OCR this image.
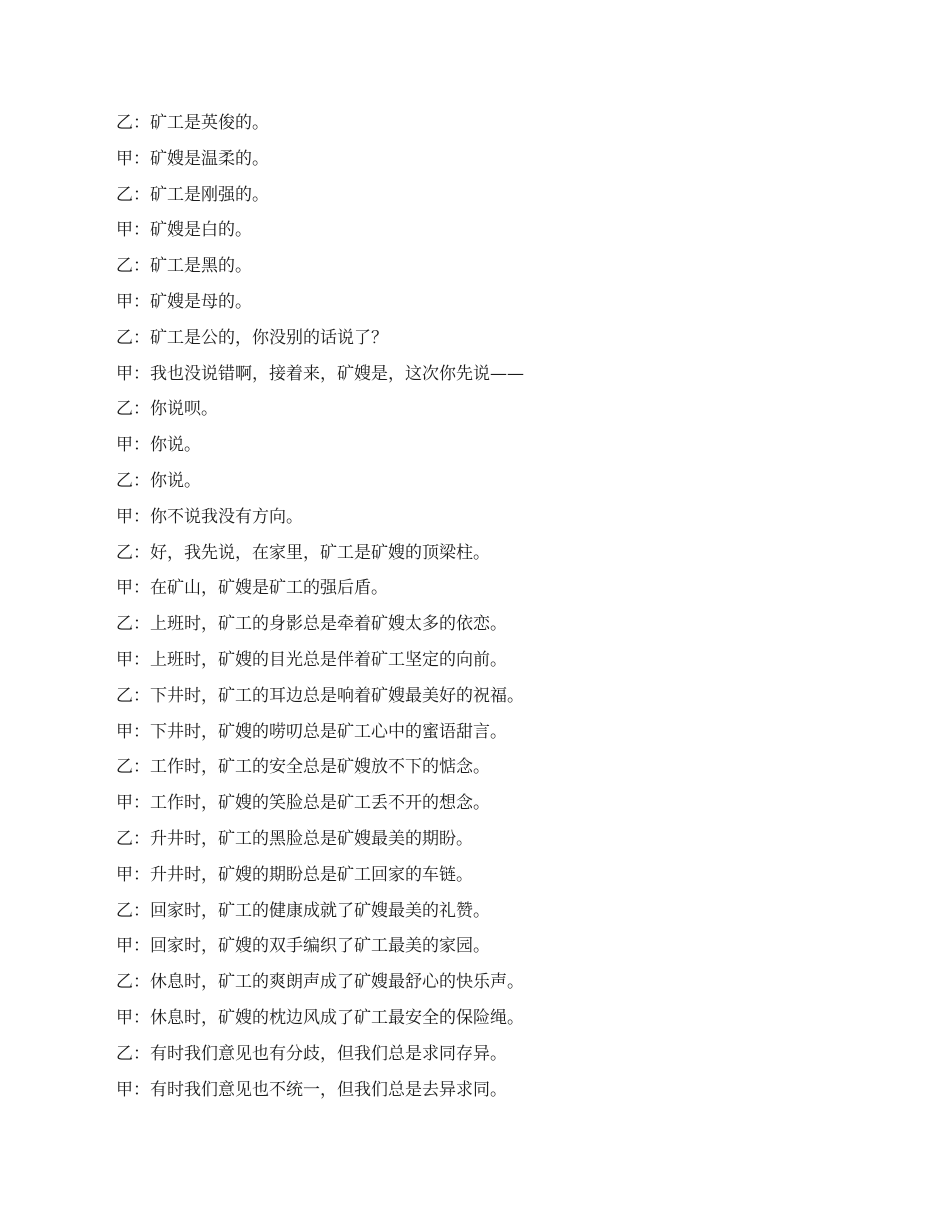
乙：矿工是英俊的。
甲：矿嫂是温柔的。
乙：矿工是刚强的。
甲：矿嫂是白的。
乙：矿工是黑的。
甲：矿嫂是母的。
乙：矿工是公的，你没别的话说了？
甲：我也没说错啊，接着来，矿嫂是，这次你先说——
乙：你说呗。
甲：你说。
乙：你说。
甲：你不说我没有方向。
乙：好，我先说，在家里，矿工是矿嫂的顶梁柱。
甲：在矿山，矿嫂是矿工的强后盾。
乙：上班时，矿工的身影总是牵着矿嫂太多的依恋。
甲：上班时，矿嫂的目光总是伴着矿工坚定的向前。
乙：下井时，矿工的耳边总是响着矿嫂最美好的祝福。
甲：下井时，矿嫂的唠叨总是矿工心中的蜜语甜言。
乙：工作时，矿工的安全总是矿嫂放不下的惦念。
甲：工作时，矿嫂的笑脸总是矿工丢不开的想念。
乙：升井时，矿工的黑脸总是矿嫂最美的期盼。
甲：升井时，矿嫂的期盼总是矿工回家的车链。
乙：回家时，矿工的健康成就了矿嫂最美的礼赞。
甲：回家时，矿嫂的双手编织了矿工最美的家园。
乙：休息时，矿工的爽朗声成了矿嫂最舒心的快乐声。
甲：休息时，矿嫂的枕边风成了矿工最安全的保险绳。
乙：有时我们意见也有分歧，但我们总是求同存异。
甲：有时我们意见也不统一，但我们总是去异求同。
